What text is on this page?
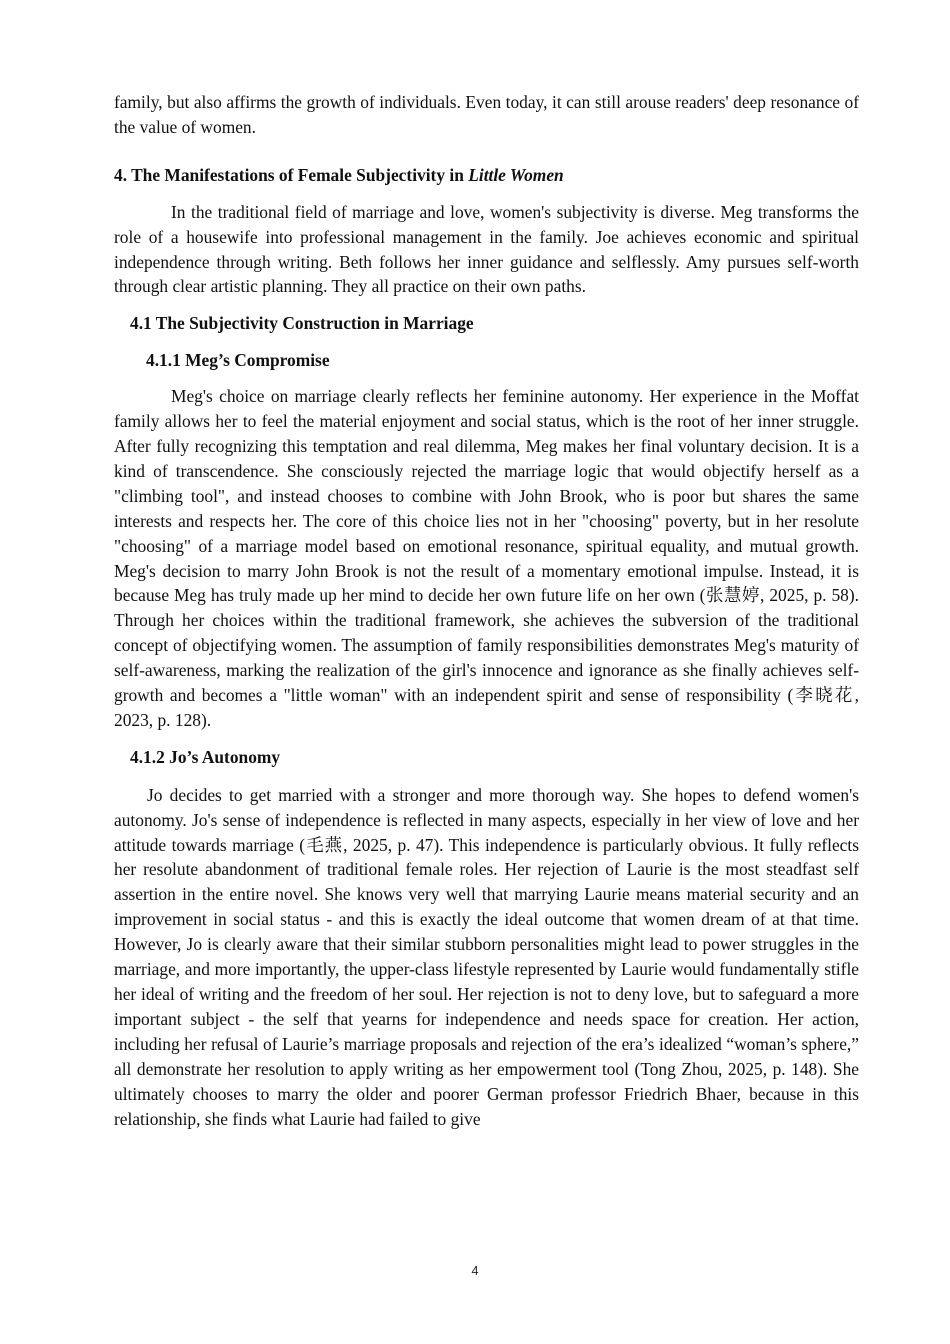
family, but also affirms the growth of individuals. Even today, it can still arouse readers' deep resonance of the value of women.

4. The Manifestations of Female Subjectivity in Little Women

In the traditional field of marriage and love, women's subjectivity is diverse. Meg transforms the role of a housewife into professional management in the family. Joe achieves economic and spiritual independence through writing. Beth follows her inner guidance and selflessly. Amy pursues self-worth through clear artistic planning. They all practice on their own paths.

4.1 The Subjectivity Construction in Marriage
4.1.1 Meg’s Compromise

Meg's choice on marriage clearly reflects her feminine autonomy. Her experience in the Moffat family allows her to feel the material enjoyment and social status, which is the root of her inner struggle. After fully recognizing this temptation and real dilemma, Meg makes her final voluntary decision. It is a kind of transcendence. She consciously rejected the marriage logic that would objectify herself as a "climbing tool", and instead chooses to combine with John Brook, who is poor but shares the same interests and respects her. The core of this choice lies not in her "choosing" poverty, but in her resolute "choosing" of a marriage model based on emotional resonance, spiritual equality, and mutual growth. Meg's decision to marry John Brook is not the result of a momentary emotional impulse. Instead, it is because Meg has truly made up her mind to decide her own future life on her own (张慧婷, 2025, p. 58). Through her choices within the traditional framework, she achieves the subversion of the traditional concept of objectifying women. The assumption of family responsibilities demonstrates Meg's maturity of self-awareness, marking the realization of the girl's innocence and ignorance as she finally achieves self-growth and becomes a "little woman" with an independent spirit and sense of responsibility (李晓花, 2023, p. 128).

4.1.2 Jo’s Autonomy

Jo decides to get married with a stronger and more thorough way. She hopes to defend women's autonomy. Jo's sense of independence is reflected in many aspects, especially in her view of love and her attitude towards marriage (毛燕, 2025, p. 47). This independence is particularly obvious. It fully reflects her resolute abandonment of traditional female roles. Her rejection of Laurie is the most steadfast self assertion in the entire novel. She knows very well that marrying Laurie means material security and an improvement in social status - and this is exactly the ideal outcome that women dream of at that time. However, Jo is clearly aware that their similar stubborn personalities might lead to power struggles in the marriage, and more importantly, the upper-class lifestyle represented by Laurie would fundamentally stifle her ideal of writing and the freedom of her soul. Her rejection is not to deny love, but to safeguard a more important subject - the self that yearns for independence and needs space for creation. Her action, including her refusal of Laurie’s marriage proposals and rejection of the era’s idealized “woman’s sphere,” all demonstrate her resolution to apply writing as her empowerment tool (Tong Zhou, 2025, p. 148). She ultimately chooses to marry the older and poorer German professor Friedrich Bhaer, because in this relationship, she finds what Laurie had failed to give

4
